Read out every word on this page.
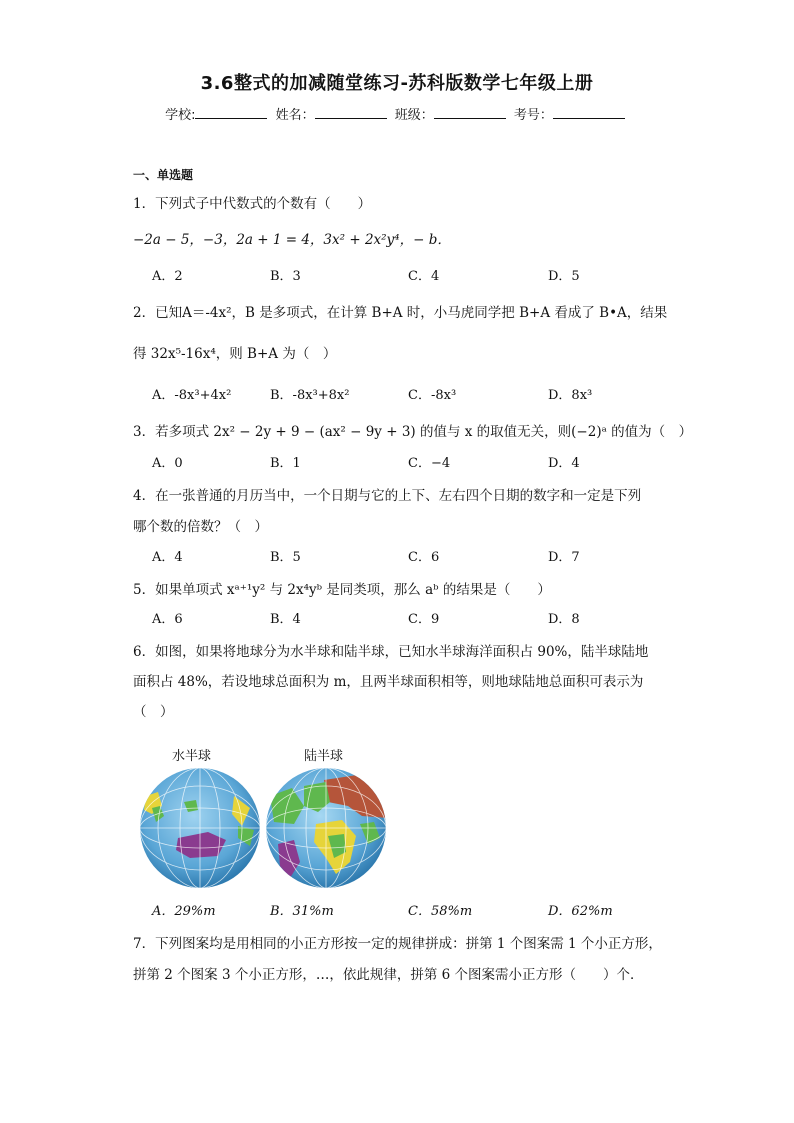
3.6整式的加减随堂练习-苏科版数学七年级上册
学校:	姓名：	班级：	考号：
一、单选题
1．下列式子中代数式的个数有（　　）
−2a − 5，−3，2a + 1 = 4，3x² + 2x²y⁴，− b．
A．2	B．3	C．4	D．5
2．已知A＝-4x²，B 是多项式，在计算 B+A 时，小马虎同学把 B+A 看成了 B•A，结果
得 32x⁵-16x⁴，则 B+A 为（　）
A．-8x³+4x²	B．-8x³+8x²	C．-8x³	D．8x³
3．若多项式 2x² − 2y + 9 − (ax² − 9y + 3) 的值与 x 的取值无关，则(−2)ᵃ 的值为（　）
A．0	B．1	C．−4	D．4
4．在一张普通的月历当中，一个日期与它的上下、左右四个日期的数字和一定是下列
哪个数的倍数？（　）
A．4	B．5	C．6	D．7
5．如果单项式 xᵃ⁺¹y² 与 2x⁴yᵇ 是同类项，那么 aᵇ 的结果是（　　）
A．6	B．4	C．9	D．8
6．如图，如果将地球分为水半球和陆半球，已知水半球海洋面积占 90%，陆半球陆地
面积占 48%，若设地球总面积为 m，且两半球面积相等，则地球陆地总面积可表示为
（　）
水半球	陆半球
A．29%m	B．31%m	C．58%m	D．62%m
7．下列图案均是用相同的小正方形按一定的规律拼成：拼第 1 个图案需 1 个小正方形，
拼第 2 个图案 3 个小正方形，…，依此规律，拼第 6 个图案需小正方形（　　）个．
